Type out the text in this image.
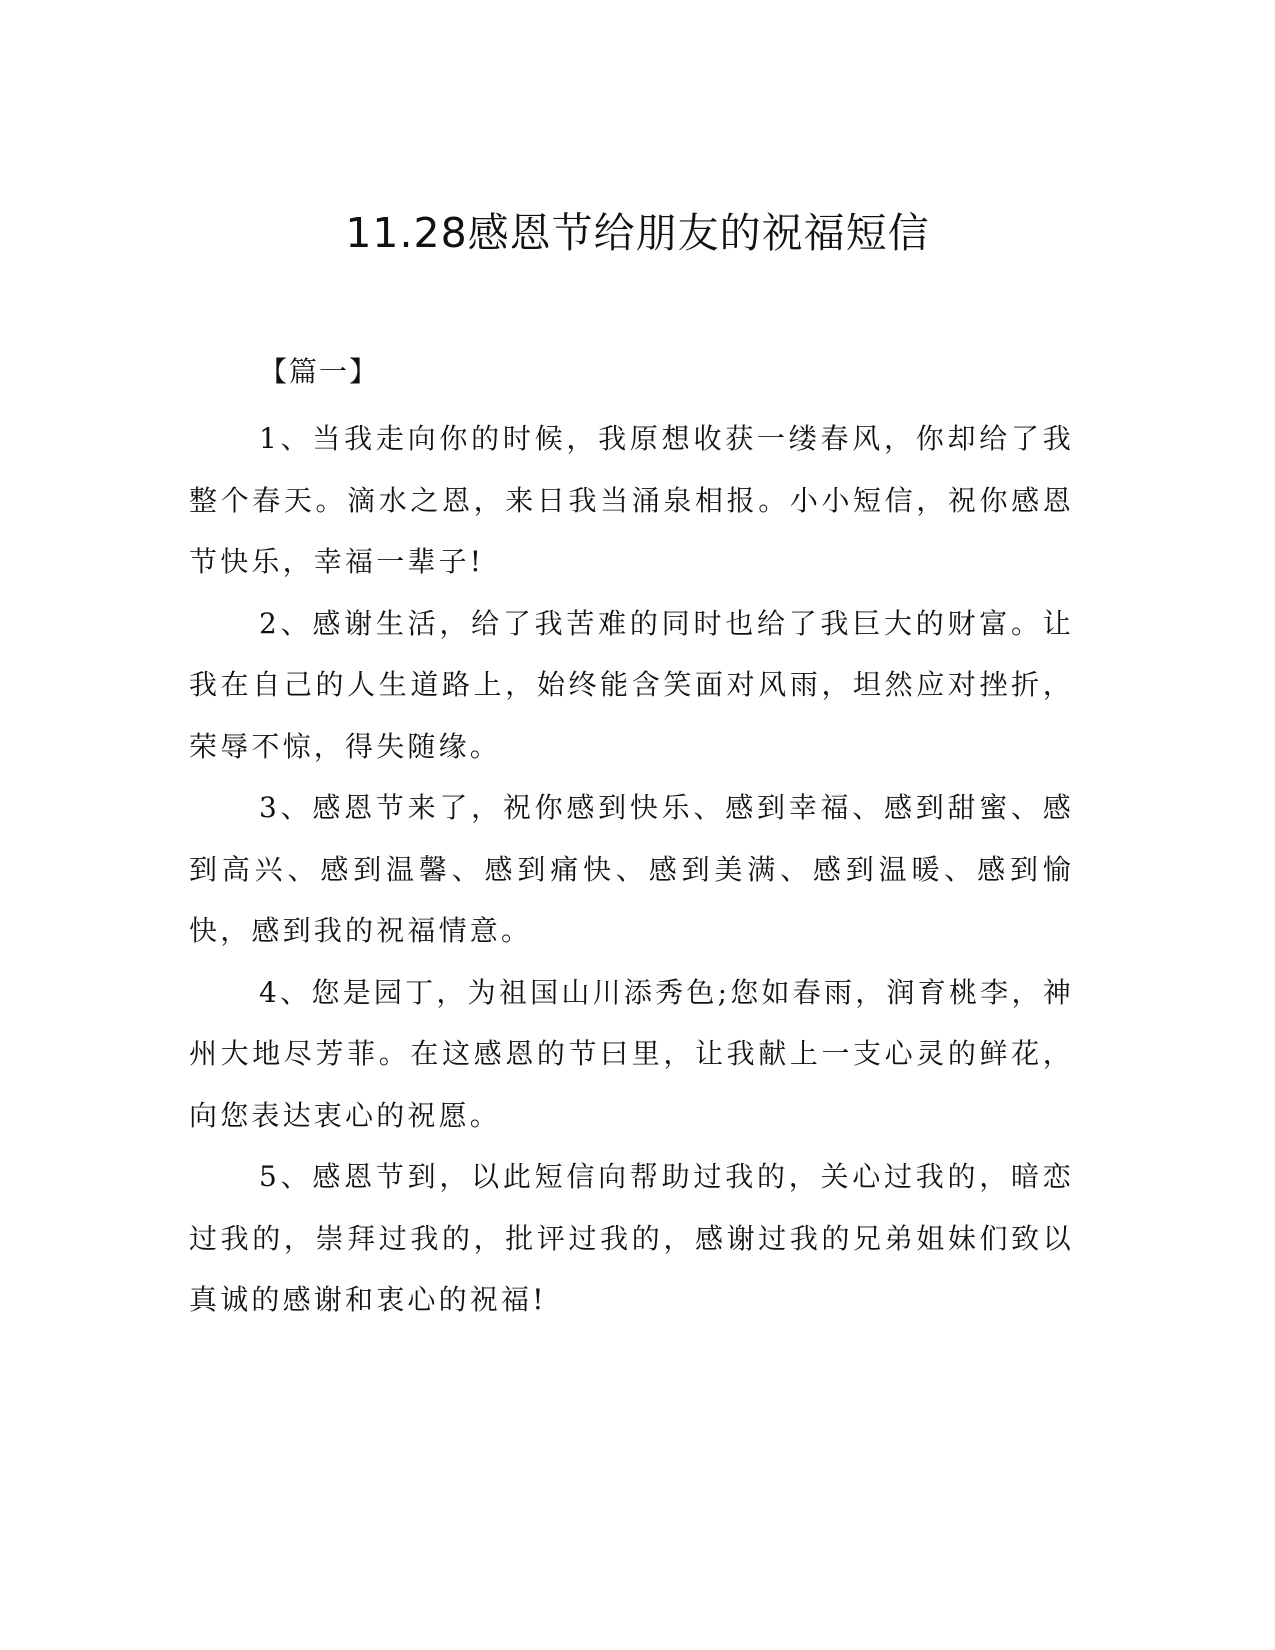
11.28感恩节给朋友的祝福短信
【篇一】

1、当我走向你的时候，我原想收获一缕春风，你却给了我整个春天。滴水之恩，来日我当涌泉相报。小小短信，祝你感恩节快乐，幸福一辈子!

2、感谢生活，给了我苦难的同时也给了我巨大的财富。让我在自己的人生道路上，始终能含笑面对风雨，坦然应对挫折，荣辱不惊，得失随缘。

3、感恩节来了，祝你感到快乐、感到幸福、感到甜蜜、感到高兴、感到温馨、感到痛快、感到美满、感到温暖、感到愉快，感到我的祝福情意。

4、您是园丁，为祖国山川添秀色;您如春雨，润育桃李，神州大地尽芳菲。在这感恩的节曰里，让我献上一支心灵的鲜花，向您表达衷心的祝愿。

5、感恩节到，以此短信向帮助过我的，关心过我的，暗恋过我的，崇拜过我的，批评过我的，感谢过我的兄弟姐妹们致以真诚的感谢和衷心的祝福!
